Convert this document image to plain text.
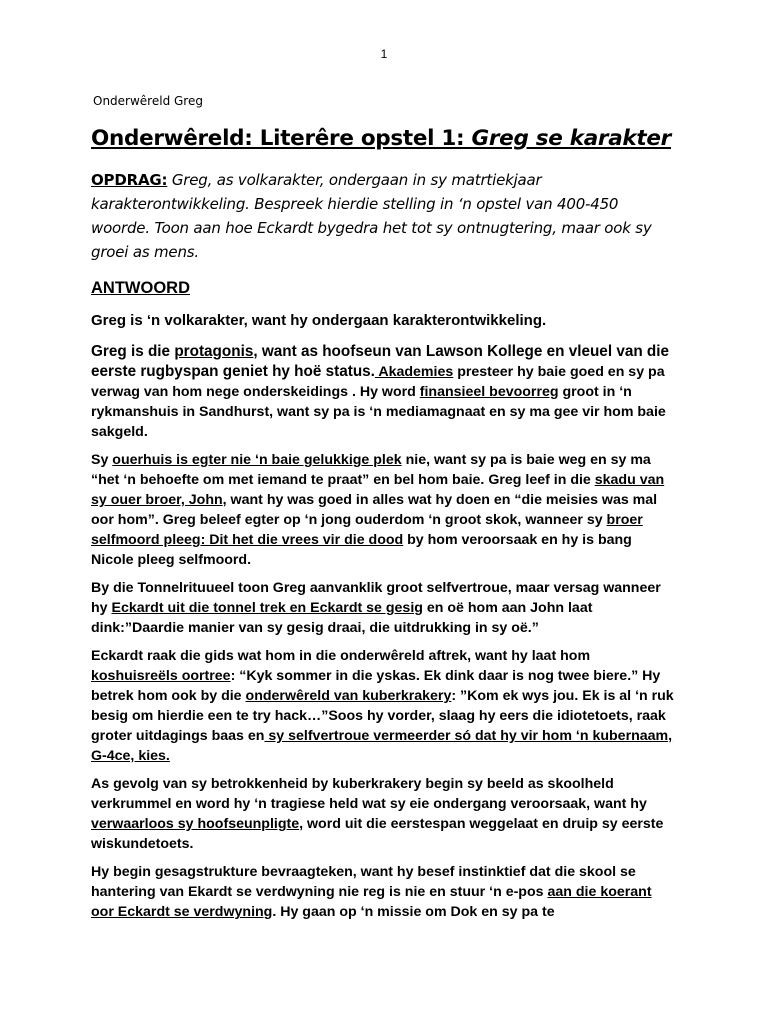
1
Onderwêreld Greg
Onderwêreld: Literêre opstel 1: Greg se karakter

OPDRAG: Greg, as volkarakter, ondergaan in sy matrtiekjaar karakterontwikkeling. Bespreek hierdie stelling in ‘n opstel van 400-450 woorde. Toon aan hoe Eckardt bygedra het tot sy ontnugtering, maar ook sy groei as mens.

ANTWOORD

Greg is ‘n volkarakter, want hy ondergaan karakterontwikkeling.

Greg is die protagonis, want as hoofseun van Lawson Kollege en vleuel van die eerste rugbyspan geniet hy hoë status. Akademies presteer hy baie goed en sy pa verwag van hom nege onderskeidings . Hy word finansieel bevoorreg groot in ‘n rykmanshuis in Sandhurst, want sy pa is ‘n mediamagnaat en sy ma gee vir hom baie sakgeld.

Sy ouerhuis is egter nie ‘n baie gelukkige plek nie, want sy pa is baie weg en sy ma “het ‘n behoefte om met iemand te praat” en bel hom baie. Greg leef in die skadu van sy ouer broer, John, want hy was goed in alles wat hy doen en “die meisies was mal oor hom”. Greg beleef egter op ‘n jong ouderdom ‘n groot skok, wanneer sy broer selfmoord pleeg: Dit het die vrees vir die dood by hom veroorsaak en hy is bang Nicole pleeg selfmoord.

By die Tonnelrituueel toon Greg aanvanklik groot selfvertroue, maar versag wanneer hy Eckardt uit die tonnel trek en Eckardt se gesig en oë hom aan John laat dink:”Daardie manier van sy gesig draai, die uitdrukking in sy oë.”

Eckardt raak die gids wat hom in die onderwêreld aftrek, want hy laat hom koshuisreëls oortree: “Kyk sommer in die yskas. Ek dink daar is nog twee biere.” Hy betrek hom ook by die onderwêreld van kuberkrakery: ”Kom ek wys jou. Ek is al ‘n ruk besig om hierdie een te try hack…”Soos hy vorder, slaag hy eers die idiotetoets, raak groter uitdagings baas en sy selfvertroue vermeerder só dat hy vir hom ‘n kubernaam, G-4ce, kies.

As gevolg van sy betrokkenheid by kuberkrakery begin sy beeld as skoolheld verkrummel en word hy ‘n tragiese held wat sy eie ondergang veroorsaak, want hy verwaarloos sy hoofseunpligte, word uit die eerstespan weggelaat en druip sy eerste wiskundetoets.

Hy begin gesagstrukture bevraagteken, want hy besef instinktief dat die skool se hantering van Ekardt se verdwyning nie reg is nie en stuur ‘n e-pos aan die koerant oor Eckardt se verdwyning. Hy gaan op ‘n missie om Dok en sy pa te
